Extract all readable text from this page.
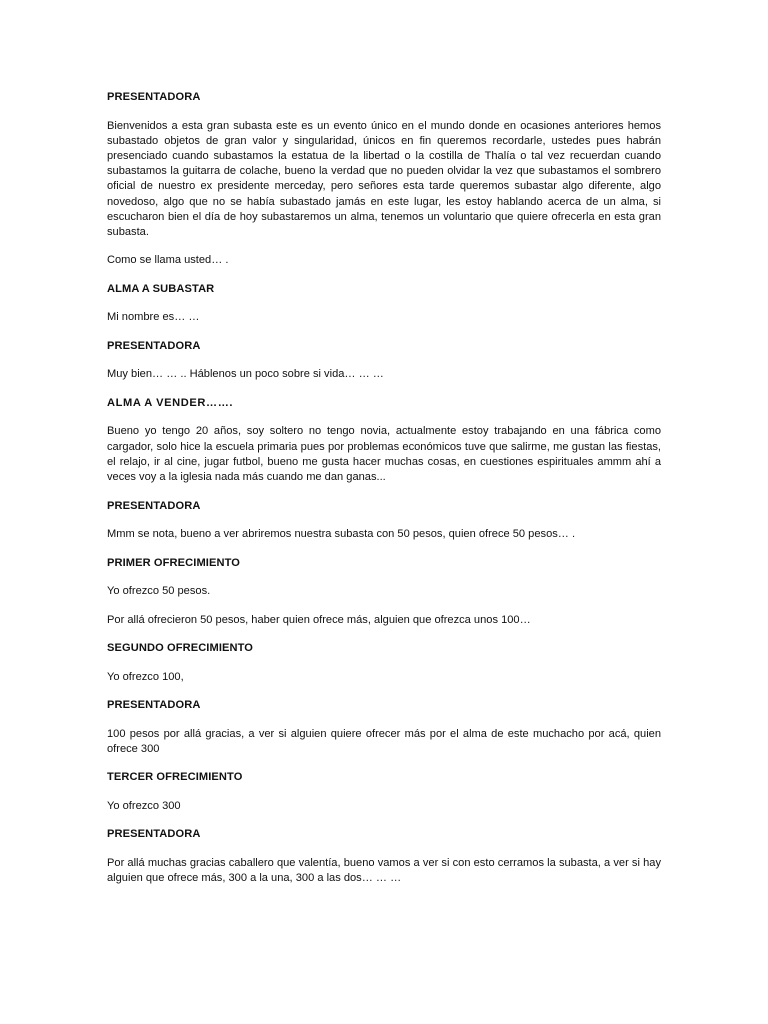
PRESENTADORA

Bienvenidos a esta gran subasta este es un evento único en el mundo donde en ocasiones anteriores hemos subastado objetos de gran valor y singularidad, únicos en fin queremos recordarle, ustedes pues habrán presenciado cuando subastamos la estatua de la libertad o la costilla de Thalía o tal vez recuerdan cuando subastamos la guitarra de colache, bueno la verdad que no pueden olvidar la vez que subastamos el sombrero oficial de nuestro ex presidente merceday, pero señores esta tarde queremos subastar algo diferente, algo novedoso, algo que no se había subastado jamás en este lugar, les estoy hablando acerca de un alma, si escucharon bien el día de hoy subastaremos un alma, tenemos un voluntario que quiere ofrecerla en esta gran subasta.

Como se llama usted… .

ALMA A SUBASTAR

Mi nombre es… …

PRESENTADORA

Muy bien… … .. Háblenos un poco sobre si vida… … …

ALMA A VENDER…….

Bueno yo tengo 20 años, soy soltero no tengo novia, actualmente estoy trabajando en una fábrica como cargador, solo hice la escuela primaria pues por problemas económicos tuve que salirme, me gustan las fiestas, el relajo, ir al cine, jugar futbol, bueno me gusta hacer muchas cosas, en cuestiones espirituales ammm ahí a veces voy a la iglesia nada más cuando me dan ganas...

PRESENTADORA

Mmm se nota, bueno a ver abriremos nuestra subasta con 50 pesos, quien ofrece 50 pesos… .

PRIMER OFRECIMIENTO

Yo ofrezco 50 pesos.

Por allá ofrecieron 50 pesos, haber quien ofrece más, alguien que ofrezca unos 100…

SEGUNDO OFRECIMIENTO

Yo ofrezco 100,

PRESENTADORA

100 pesos por allá gracias, a ver si alguien quiere ofrecer más por el alma de este muchacho por acá, quien ofrece 300

TERCER OFRECIMIENTO

Yo ofrezco 300

PRESENTADORA

Por allá muchas gracias caballero que valentía, bueno vamos a ver si con esto cerramos la subasta, a ver si hay alguien que ofrece más, 300 a la una, 300 a las dos… … …
